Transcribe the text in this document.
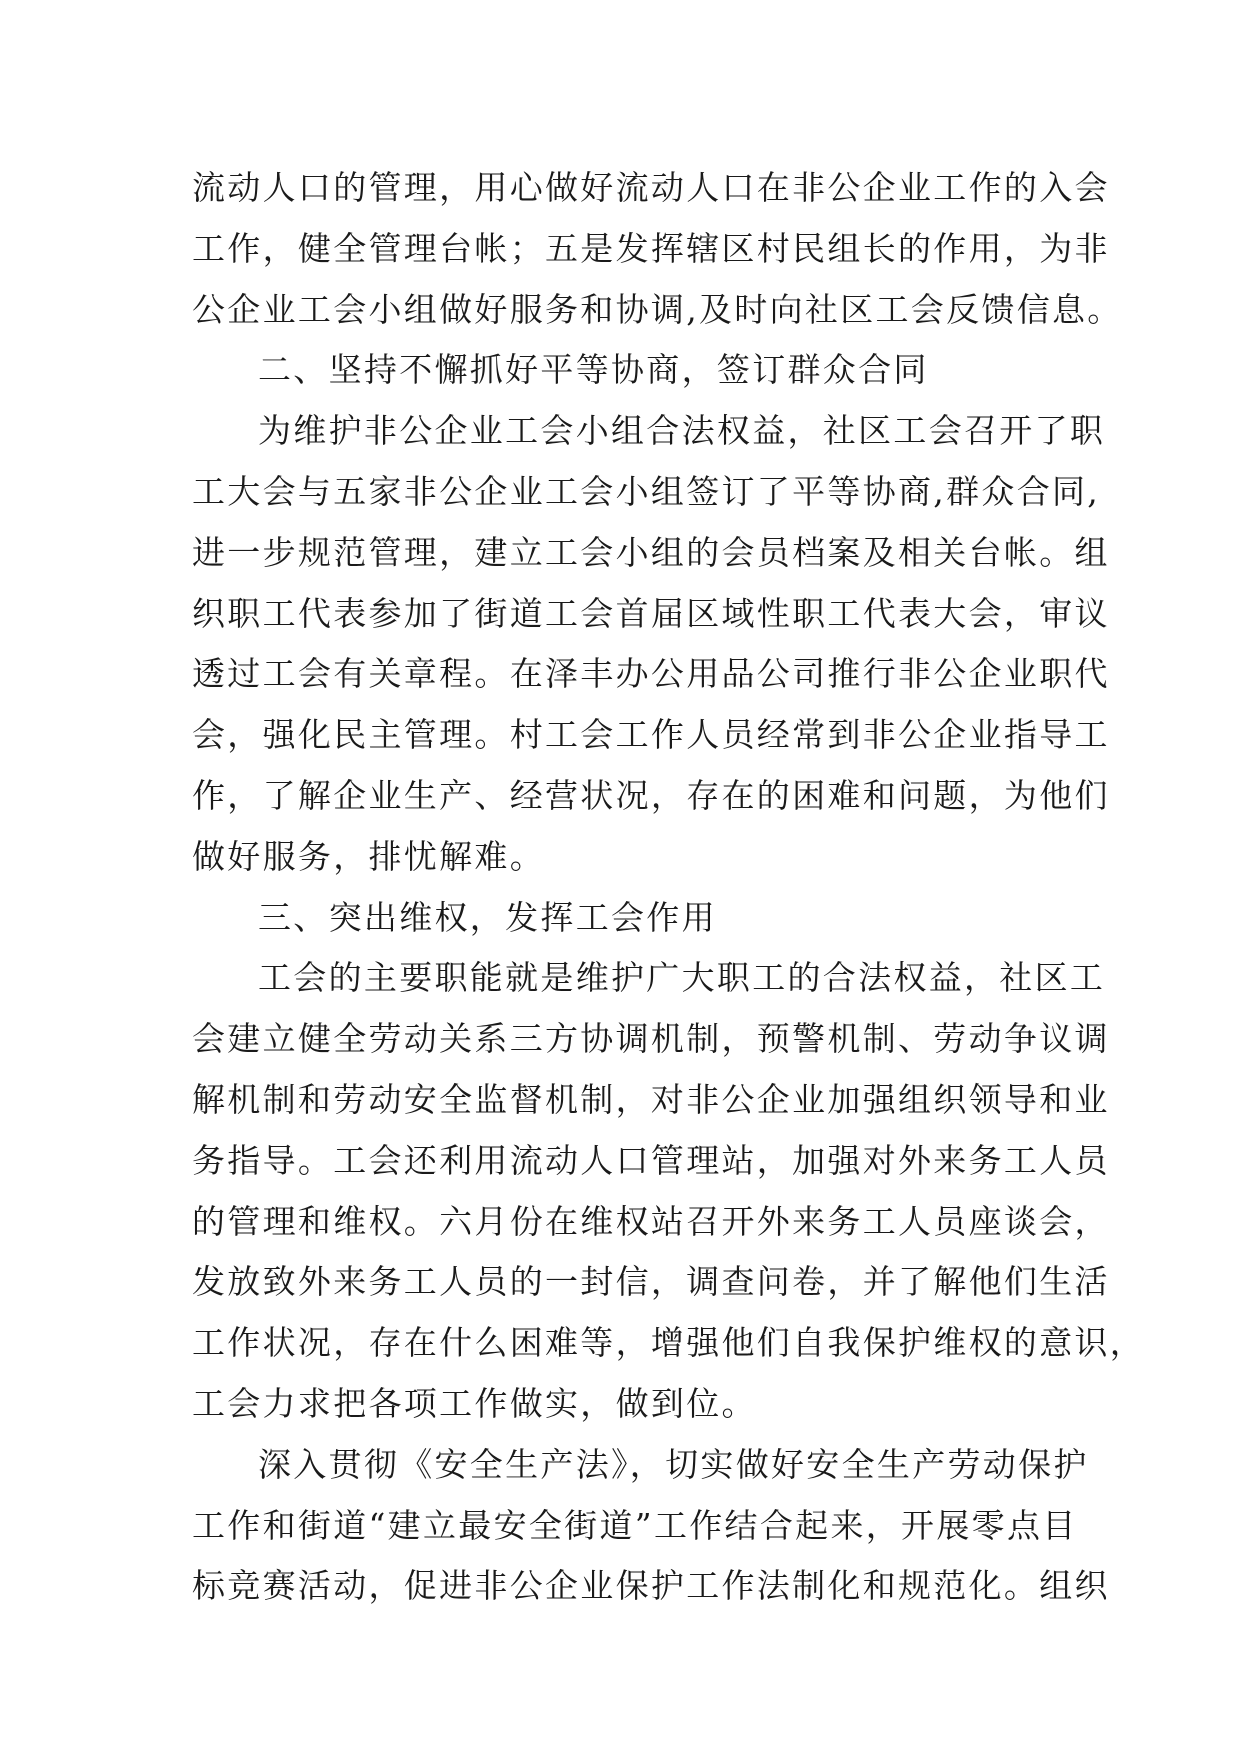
流动人口的管理，用心做好流动人口在非公企业工作的入会
工作，健全管理台帐；五是发挥辖区村民组长的作用，为非
公企业工会小组做好服务和协调,及时向社区工会反馈信息。
二、坚持不懈抓好平等协商，签订群众合同
为维护非公企业工会小组合法权益，社区工会召开了职
工大会与五家非公企业工会小组签订了平等协商,群众合同,
进一步规范管理，建立工会小组的会员档案及相关台帐。组
织职工代表参加了街道工会首届区域性职工代表大会，审议
透过工会有关章程。在泽丰办公用品公司推行非公企业职代
会，强化民主管理。村工会工作人员经常到非公企业指导工
作，了解企业生产、经营状况，存在的困难和问题，为他们
做好服务，排忧解难。
三、突出维权，发挥工会作用
工会的主要职能就是维护广大职工的合法权益，社区工
会建立健全劳动关系三方协调机制，预警机制、劳动争议调
解机制和劳动安全监督机制，对非公企业加强组织领导和业
务指导。工会还利用流动人口管理站，加强对外来务工人员
的管理和维权。六月份在维权站召开外来务工人员座谈会，
发放致外来务工人员的一封信，调查问卷，并了解他们生活
工作状况，存在什么困难等，增强他们自我保护维权的意识，
工会力求把各项工作做实，做到位。
深入贯彻《安全生产法》，切实做好安全生产劳动保护
工作和街道“建立最安全街道”工作结合起来，开展零点目
标竞赛活动，促进非公企业保护工作法制化和规范化。组织
